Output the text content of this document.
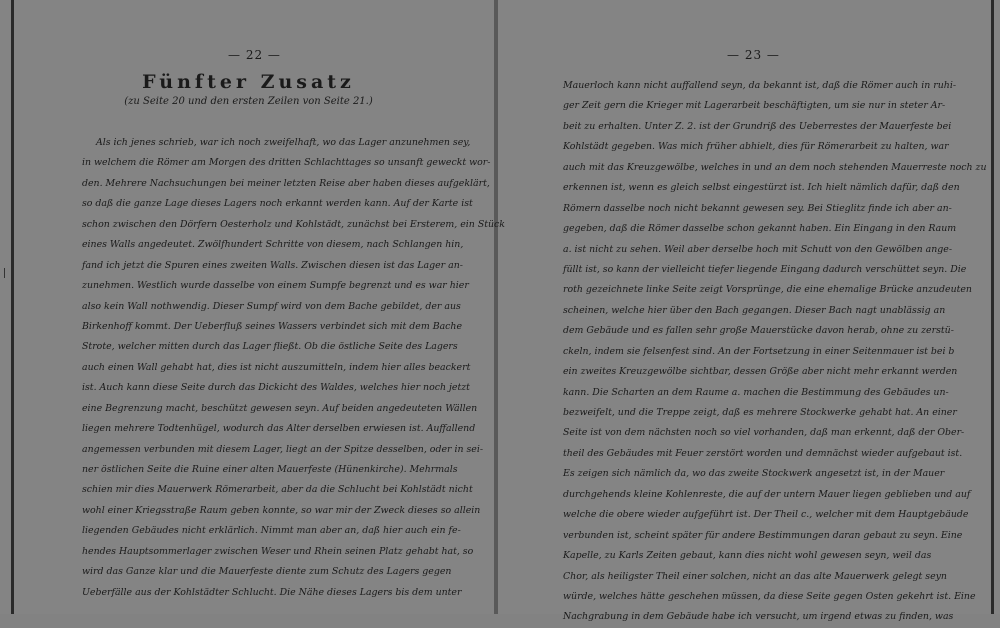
— 22 —
Fünfter Zusatz
(zu Seite 20 und den ersten Zeilen von Seite 21.)
Als ich jenes schrieb, war ich noch zweifelhaft, wo das Lager anzunehmen sey,
in welchem die Römer am Morgen des dritten Schlachttages so unsanft geweckt wor-
den. Mehrere Nachsuchungen bei meiner letzten Reise aber haben dieses aufgeklärt,
so daß die ganze Lage dieses Lagers noch erkannt werden kann. Auf der Karte ist
schon zwischen den Dörfern Oesterholz und Kohlstädt, zunächst bei Ersterem, ein Stück
eines Walls angedeutet. Zwölfhundert Schritte von diesem, nach Schlangen hin,
fand ich jetzt die Spuren eines zweiten Walls. Zwischen diesen ist das Lager an-
zunehmen. Westlich wurde dasselbe von einem Sumpfe begrenzt und es war hier
also kein Wall nothwendig. Dieser Sumpf wird von dem Bache gebildet, der aus
Birkenhoff kommt. Der Ueberfluß seines Wassers verbindet sich mit dem Bache
Strote, welcher mitten durch das Lager fließt. Ob die östliche Seite des Lagers
auch einen Wall gehabt hat, dies ist nicht auszumitteln, indem hier alles beackert
ist. Auch kann diese Seite durch das Dickicht des Waldes, welches hier noch jetzt
eine Begrenzung macht, beschützt gewesen seyn. Auf beiden angedeuteten Wällen
liegen mehrere Todtenhügel, wodurch das Alter derselben erwiesen ist. Auffallend
angemessen verbunden mit diesem Lager, liegt an der Spitze desselben, oder in sei-
ner östlichen Seite die Ruine einer alten Mauerfeste (Hünenkirche). Mehrmals
schien mir dies Mauerwerk Römerarbeit, aber da die Schlucht bei Kohlstädt nicht
wohl einer Kriegsstraße Raum geben konnte, so war mir der Zweck dieses so allein
liegenden Gebäudes nicht erklärlich. Nimmt man aber an, daß hier auch ein fe-
hendes Hauptsommerlager zwischen Weser und Rhein seinen Platz gehabt hat, so
wird das Ganze klar und die Mauerfeste diente zum Schutz des Lagers gegen
Ueberfälle aus der Kohlstädter Schlucht. Die Nähe dieses Lagers bis dem unter
— 23 —
Mauerloch kann nicht auffallend seyn, da bekannt ist, daß die Römer auch in ruhi-
ger Zeit gern die Krieger mit Lagerarbeit beschäftigten, um sie nur in steter Ar-
beit zu erhalten. Unter Z. 2. ist der Grundriß des Ueberrestes der Mauerfeste bei
Kohlstädt gegeben. Was mich früher abhielt, dies für Römerarbeit zu halten, war
auch mit das Kreuzgewölbe, welches in und an dem noch stehenden Mauerreste noch zu
erkennen ist, wenn es gleich selbst eingestürzt ist. Ich hielt nämlich dafür, daß den
Römern dasselbe noch nicht bekannt gewesen sey. Bei Stieglitz finde ich aber an-
gegeben, daß die Römer dasselbe schon gekannt haben. Ein Eingang in den Raum
a. ist nicht zu sehen. Weil aber derselbe hoch mit Schutt von den Gewölben ange-
füllt ist, so kann der vielleicht tiefer liegende Eingang dadurch verschüttet seyn. Die
roth gezeichnete linke Seite zeigt Vorsprünge, die eine ehemalige Brücke anzudeuten
scheinen, welche hier über den Bach gegangen. Dieser Bach nagt unablässig an
dem Gebäude und es fallen sehr große Mauerstücke davon herab, ohne zu zerstü-
ckeln, indem sie felsenfest sind. An der Fortsetzung in einer Seitenmauer ist bei b
ein zweites Kreuzgewölbe sichtbar, dessen Größe aber nicht mehr erkannt werden
kann. Die Scharten an dem Raume a. machen die Bestimmung des Gebäudes un-
bezweifelt, und die Treppe zeigt, daß es mehrere Stockwerke gehabt hat. An einer
Seite ist von dem nächsten noch so viel vorhanden, daß man erkennt, daß der Ober-
theil des Gebäudes mit Feuer zerstört worden und demnächst wieder aufgebaut ist.
Es zeigen sich nämlich da, wo das zweite Stockwerk angesetzt ist, in der Mauer
durchgehends kleine Kohlenreste, die auf der untern Mauer liegen geblieben und auf
welche die obere wieder aufgeführt ist. Der Theil c., welcher mit dem Hauptgebäude
verbunden ist, scheint später für andere Bestimmungen daran gebaut zu seyn. Eine
Kapelle, zu Karls Zeiten gebaut, kann dies nicht wohl gewesen seyn, weil das
Chor, als heiligster Theil einer solchen, nicht an das alte Mauerwerk gelegt seyn
würde, welches hätte geschehen müssen, da diese Seite gegen Osten gekehrt ist. Eine
Nachgrabung in dem Gebäude habe ich versucht, um irgend etwas zu finden, was
